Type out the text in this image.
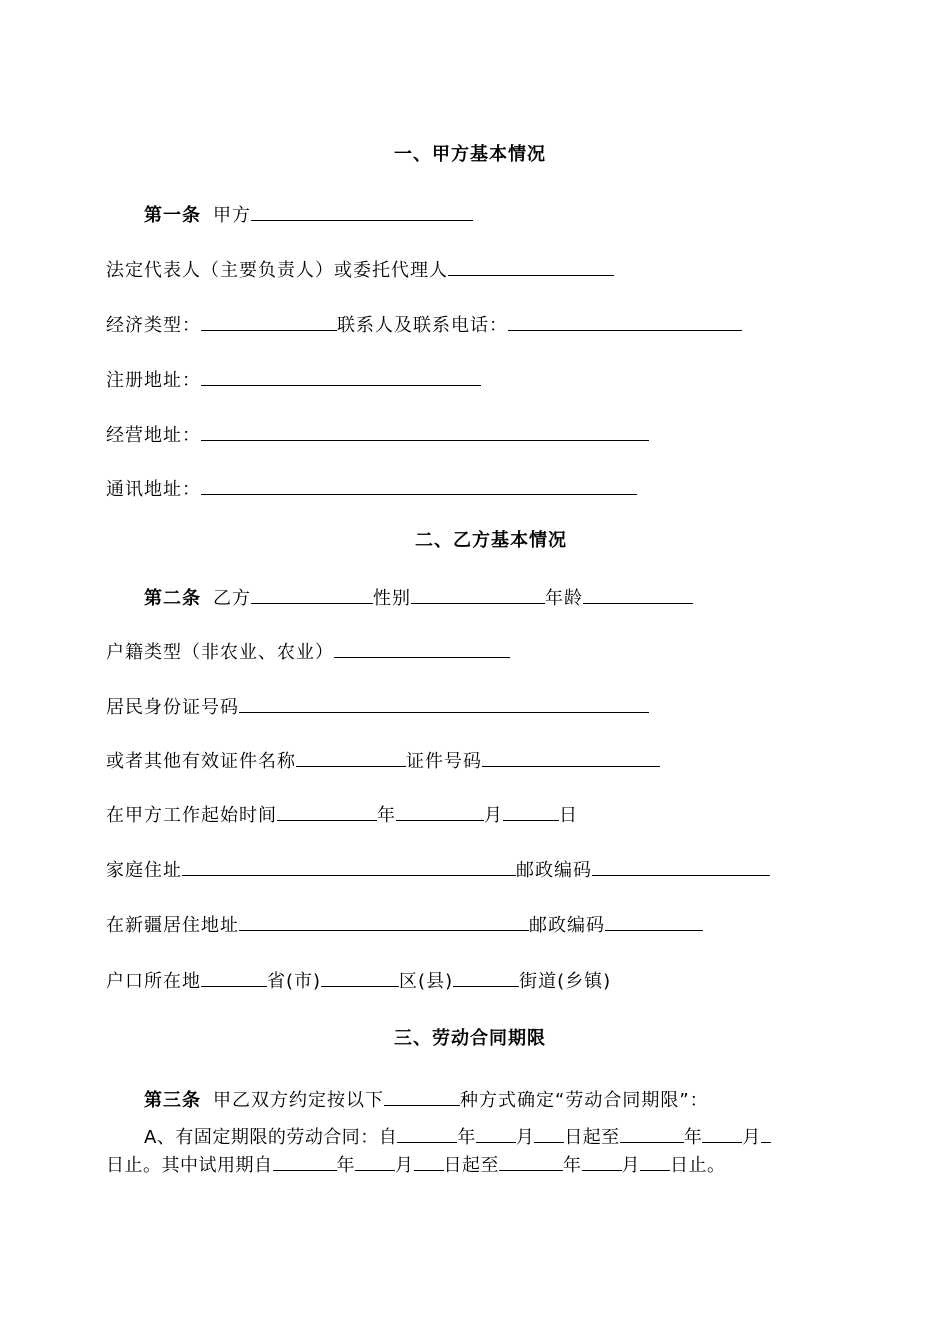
一、甲方基本情况
第一条 甲方
法定代表人（主要负责人）或委托代理人
经济类型：	联系人及联系电话：
注册地址：
经营地址：
通讯地址：
二、乙方基本情况
第二条 乙方	性别	年龄
户籍类型（非农业、农业）
居民身份证号码
或者其他有效证件名称	证件号码
在甲方工作起始时间	年	月	日
家庭住址	邮政编码
在新疆居住地址	邮政编码
户口所在地	省(市)	区(县)	街道(乡镇)
三、劳动合同期限
第三条 甲乙双方约定按以下	种方式确定“劳动合同期限”：
A、有固定期限的劳动合同：自	年 月 日起至	年 月
日止。其中试用期自	年 月 日起至	年 月 日止。
